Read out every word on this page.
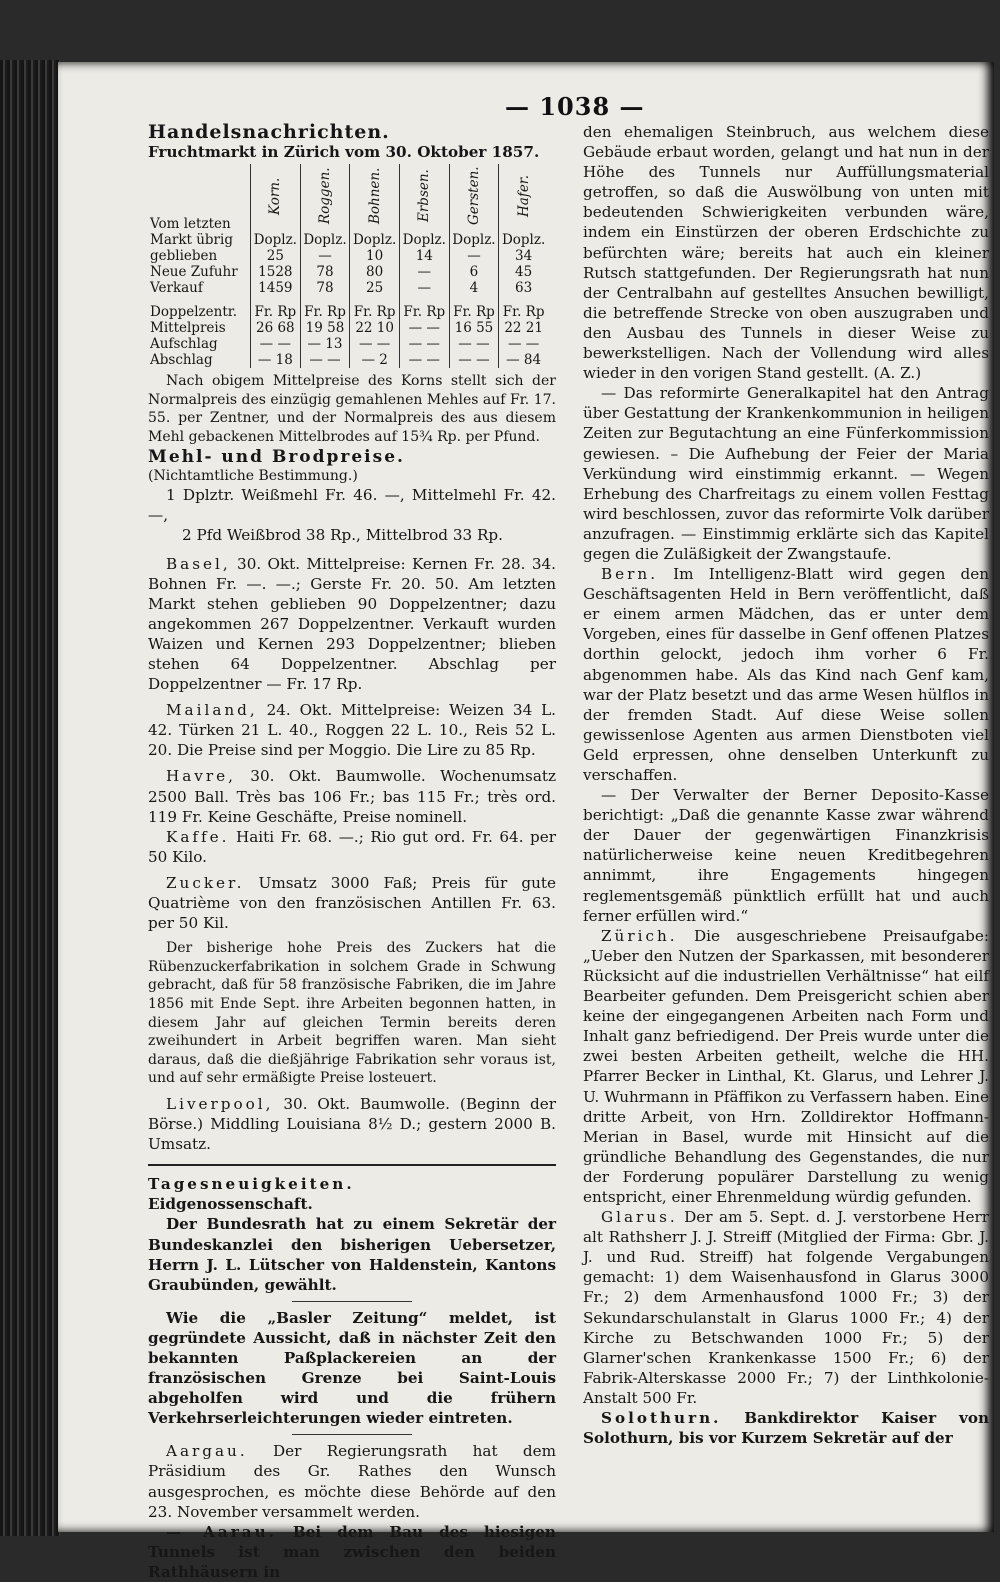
— 1038 —

Handelsnachrichten.

Fruchtmarkt in Zürich vom 30. Oktober 1857.

Vom letzten	Korn.	Roggen.	Bohnen.	Erbsen.	Gersten.	Hafer.
Markt übrig	Doplz.	Doplz.	Doplz.	Doplz.	Doplz.	Doplz.
geblieben	25	—	10	14	—	34
Neue Zufuhr	1528	78	80	—	6	45
Verkauf	1459	78	25	—	4	63
Doppelzentr.	Fr. Rp	Fr. Rp	Fr. Rp	Fr. Rp	Fr. Rp	Fr. Rp
Mittelpreis	26 68	19 58	22 10	— —	16 55	22 21
Aufschlag	— —	— 13	— —	— —	— —	— —
Abschlag	— 18	— —	— 2	— —	— —	— 84

Nach obigem Mittelpreise des Korns stellt sich der Normalpreis des einzügig gemahlenen Mehles auf Fr. 17. 55. per Zentner, und der Normalpreis des aus diesem Mehl gebackenen Mittelbrodes auf 15¾ Rp. per Pfund.

Mehl- und Brodpreise.

(Nichtamtliche Bestimmung.)

1 Dplztr. Weißmehl Fr. 46. —, Mittelmehl Fr. 42. —,

2 Pfd Weißbrod 38 Rp., Mittelbrod 33 Rp.

Basel, 30. Okt. Mittelpreise: Kernen Fr. 28. 34. Bohnen Fr. —. —.; Gerste Fr. 20. 50. Am letzten Markt stehen geblieben 90 Doppelzentner; dazu angekommen 267 Doppelzentner. Verkauft wurden Waizen und Kernen 293 Doppelzentner; blieben stehen 64 Doppelzentner. Abschlag per Doppelzentner — Fr. 17 Rp.

Mailand, 24. Okt. Mittelpreise: Weizen 34 L. 42. Türken 21 L. 40., Roggen 22 L. 10., Reis 52 L. 20. Die Preise sind per Moggio. Die Lire zu 85 Rp.

Havre, 30. Okt. Baumwolle. Wochenumsatz 2500 Ball. Très bas 106 Fr.; bas 115 Fr.; très ord. 119 Fr. Keine Geschäfte, Preise nominell.

Kaffe. Haiti Fr. 68. —.; Rio gut ord. Fr. 64. per 50 Kilo.

Zucker. Umsatz 3000 Faß; Preis für gute Quatrième von den französischen Antillen Fr. 63. per 50 Kil.

Der bisherige hohe Preis des Zuckers hat die Rübenzuckerfabrikation in solchem Grade in Schwung gebracht, daß für 58 französische Fabriken, die im Jahre 1856 mit Ende Sept. ihre Arbeiten begonnen hatten, in diesem Jahr auf gleichen Termin bereits deren zweihundert in Arbeit begriffen waren. Man sieht daraus, daß die dießjährige Fabrikation sehr voraus ist, und auf sehr ermäßigte Preise losteuert.

Liverpool, 30. Okt. Baumwolle. (Beginn der Börse.) Middling Louisiana 8½ D.; gestern 2000 B. Umsatz.

Tagesneuigkeiten.

Eidgenossenschaft.

Der Bundesrath hat zu einem Sekretär der Bundeskanzlei den bisherigen Uebersetzer, Herrn J. L. Lütscher von Haldenstein, Kantons Graubünden, gewählt.

Wie die „Basler Zeitung“ meldet, ist gegründete Aussicht, daß in nächster Zeit den bekannten Paßplackereien an der französischen Grenze bei Saint-Louis abgeholfen wird und die frühern Verkehrserleichterungen wieder eintreten.

Aargau. Der Regierungsrath hat dem Präsidium des Gr. Rathes den Wunsch ausgesprochen, es möchte diese Behörde auf den 23. November versammelt werden.

— Aarau. Bei dem Bau des hiesigen Tunnels ist man zwischen den beiden Rathhäusern in

den ehemaligen Steinbruch, aus welchem diese Gebäude erbaut worden, gelangt und hat nun in der Höhe des Tunnels nur Auffüllungsmaterial getroffen, so daß die Auswölbung von unten mit bedeutenden Schwierigkeiten verbunden wäre, indem ein Einstürzen der oberen Erdschichte zu befürchten wäre; bereits hat auch ein kleiner Rutsch stattgefunden. Der Regierungsrath hat nun der Centralbahn auf gestelltes Ansuchen bewilligt, die betreffende Strecke von oben auszugraben und den Ausbau des Tunnels in dieser Weise zu bewerkstelligen. Nach der Vollendung wird alles wieder in den vorigen Stand gestellt. (A. Z.)

— Das reformirte Generalkapitel hat den Antrag über Gestattung der Krankenkommunion in heiligen Zeiten zur Begutachtung an eine Fünferkommission gewiesen. – Die Aufhebung der Feier der Maria Verkündung wird einstimmig erkannt. — Wegen Erhebung des Charfreitags zu einem vollen Festtag wird beschlossen, zuvor das reformirte Volk darüber anzufragen. — Einstimmig erklärte sich das Kapitel gegen die Zuläßigkeit der Zwangstaufe.

Bern. Im Intelligenz-Blatt wird gegen den Geschäftsagenten Held in Bern veröffentlicht, daß er einem armen Mädchen, das er unter dem Vorgeben, eines für dasselbe in Genf offenen Platzes dorthin gelockt, jedoch ihm vorher 6 Fr. abgenommen habe. Als das Kind nach Genf kam, war der Platz besetzt und das arme Wesen hülflos in der fremden Stadt. Auf diese Weise sollen gewissenlose Agenten aus armen Dienstboten viel Geld erpressen, ohne denselben Unterkunft zu verschaffen.

— Der Verwalter der Berner Deposito-Kasse berichtigt: „Daß die genannte Kasse zwar während der Dauer der gegenwärtigen Finanzkrisis natürlicherweise keine neuen Kreditbegehren annimmt, ihre Engagements hingegen reglementsgemäß pünktlich erfüllt hat und auch ferner erfüllen wird.“

Zürich. Die ausgeschriebene Preisaufgabe: „Ueber den Nutzen der Sparkassen, mit besonderer Rücksicht auf die industriellen Verhältnisse“ hat eilf Bearbeiter gefunden. Dem Preisgericht schien aber keine der eingegangenen Arbeiten nach Form und Inhalt ganz befriedigend. Der Preis wurde unter die zwei besten Arbeiten getheilt, welche die HH. Pfarrer Becker in Linthal, Kt. Glarus, und Lehrer J. U. Wuhrmann in Pfäffikon zu Verfassern haben. Eine dritte Arbeit, von Hrn. Zolldirektor Hoffmann-Merian in Basel, wurde mit Hinsicht auf die gründliche Behandlung des Gegenstandes, die nur der Forderung populärer Darstellung zu wenig entspricht, einer Ehrenmeldung würdig gefunden.

Glarus. Der am 5. Sept. d. J. verstorbene Herr alt Rathsherr J. J. Streiff (Mitglied der Firma: Gbr. J. J. und Rud. Streiff) hat folgende Vergabungen gemacht: 1) dem Waisenhausfond in Glarus 3000 Fr.; 2) dem Armenhausfond 1000 Fr.; 3) der Sekundarschulanstalt in Glarus 1000 Fr.; 4) der Kirche zu Betschwanden 1000 Fr.; 5) der Glarner'schen Krankenkasse 1500 Fr.; 6) der Fabrik-Alterskasse 2000 Fr.; 7) der Linthkolonie-Anstalt 500 Fr.

Solothurn. Bankdirektor Kaiser von Solothurn, bis vor Kurzem Sekretär auf der
